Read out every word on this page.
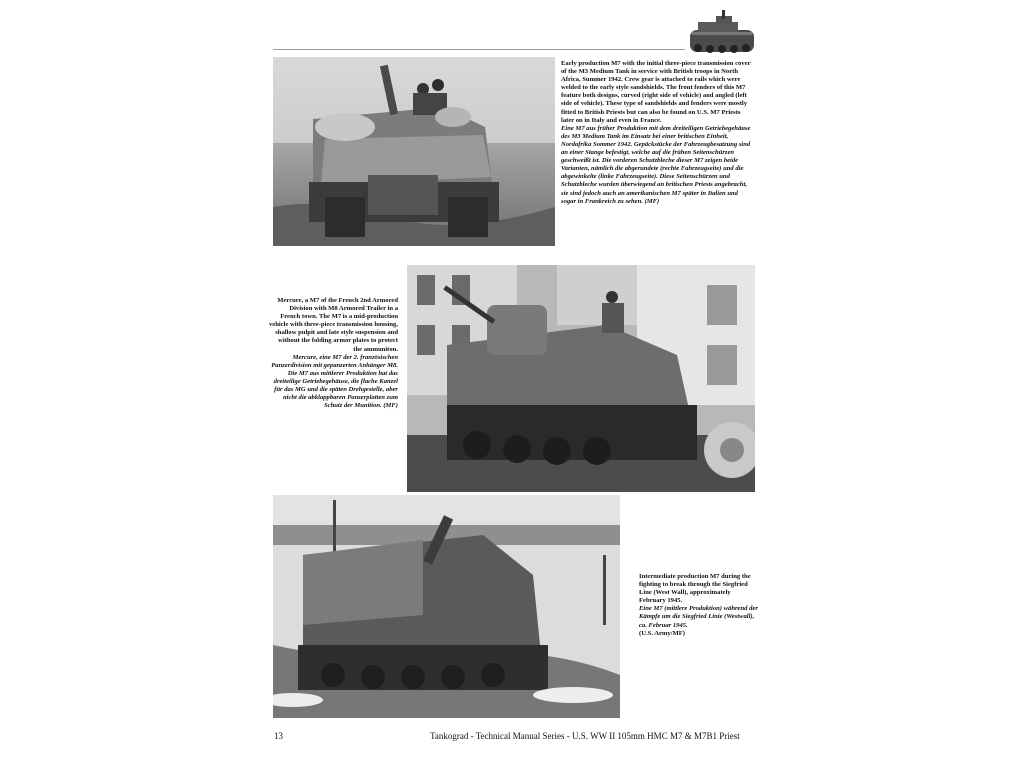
Early production M7 with the initial three-piece transmission cover of the M3 Medium Tank in service with British troops in North Africa, Summer 1942. Crew gear is attached to rails which were welded to the early style sandshields. The front fenders of this M7 feature both designs, curved (right side of vehicle) and angled (left side of vehicle). These type of sandshields and fenders were mostly fitted to British Priests but can also be found on U.S. M7 Priests later on in Italy and even in France.
Eine M7 aus früher Produktion mit dem dreiteiligen Getriebegehäuse des M3 Medium Tank im Einsatz bei einer britischen Einheit, Nordafrika Sommer 1942. Gepäckstücke der Fahrzeugbesatzung sind an einer Stange befestigt, welche auf die frühen Seitenschürzen geschweißt ist. Die vorderen Schutzbleche dieser M7 zeigen beide Varianten, nämlich die abgerundete (rechte Fahrzeugseite) und die abgewinkelte (linke Fahrzeugseite). Diese Seitenschürzen und Schutzbleche wurden überwiegend an britischen Priests angebracht, sie sind jedoch auch an amerikanischen M7 später in Italien und sogar in Frankreich zu sehen. (MF)
Mercure, a M7 of the French 2nd Armored Division with M8 Armored Trailer in a French town. The M7 is a mid-production vehicle with three-piece transmission housing, shallow pulpit and late style suspension and without the folding armor plates to protect the ammuniton.
Mercure, eine M7 der 2. französischen Panzerdivision mit gepanzerten Anhänger M8. Die M7 aus mittlerer Produktion hat das dreiteilige Getriebegehäuse, die flache Kanzel für das MG und die späten Drehgestelle, aber nicht die abklappbaren Panzerplatten zum Schutz der Munition. (MF)
Intermediate production M7 during the fighting to break through the Siegfried Line (West Wall), approximately February 1945.
Eine M7 (mittlere Produktion) während der Kämpfe um die Siegfried Linie (Westwall), ca. Februar 1945.
(U.S. Army/MF)
13	Tankograd - Technical Manual Series - U.S. WW II 105mm HMC M7 & M7B1 Priest
